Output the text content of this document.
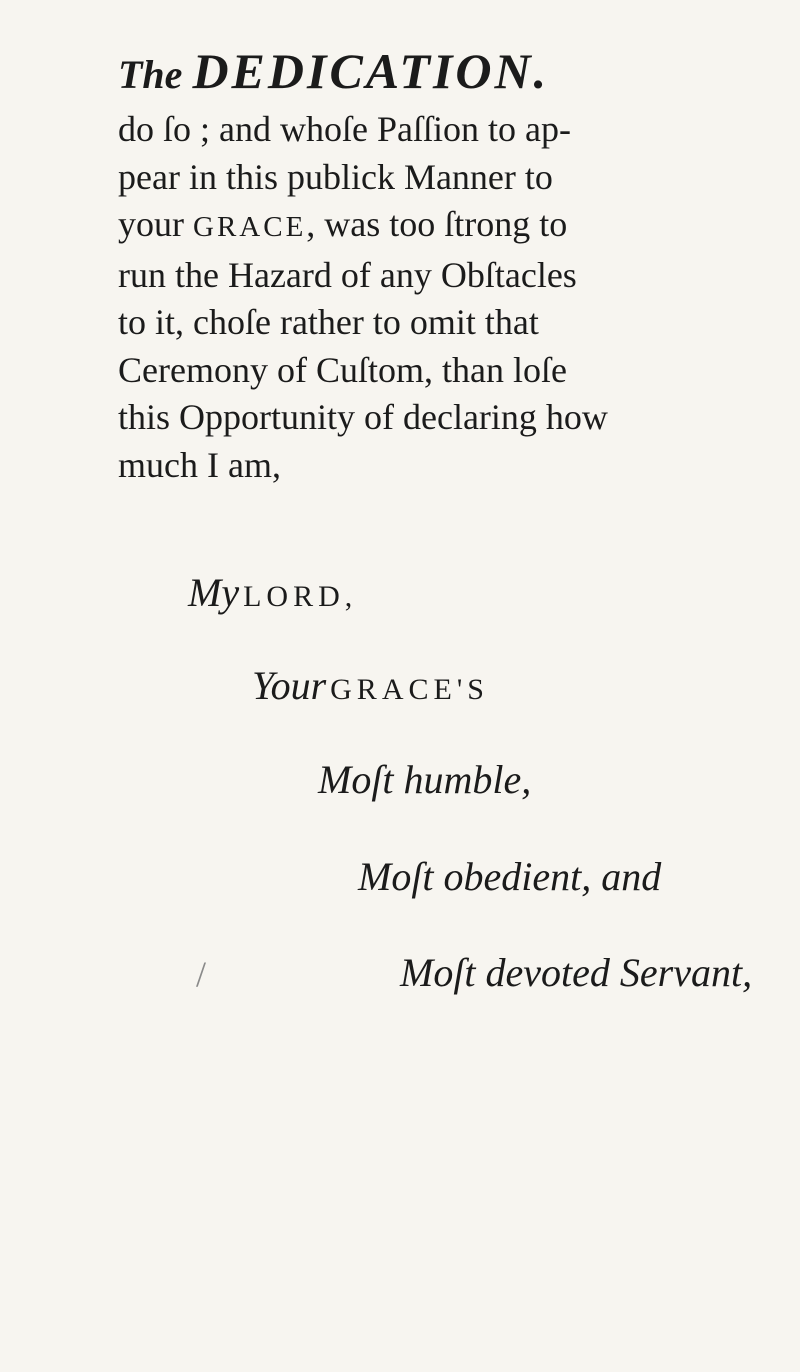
The DEDICATION.
do ſo ; and whoſe Paſſion to ap-
pear in this publick Manner to
your GRACE, was too ſtrong to
run the Hazard of any Obſtacles
to it, choſe rather to omit that
Ceremony of Cuſtom, than loſe
this Opportunity of declaring how
much I am,
My LORD,
Your GRACE'S
Moſt humble,
Moſt obedient, and
Moſt devoted Servant,
/
